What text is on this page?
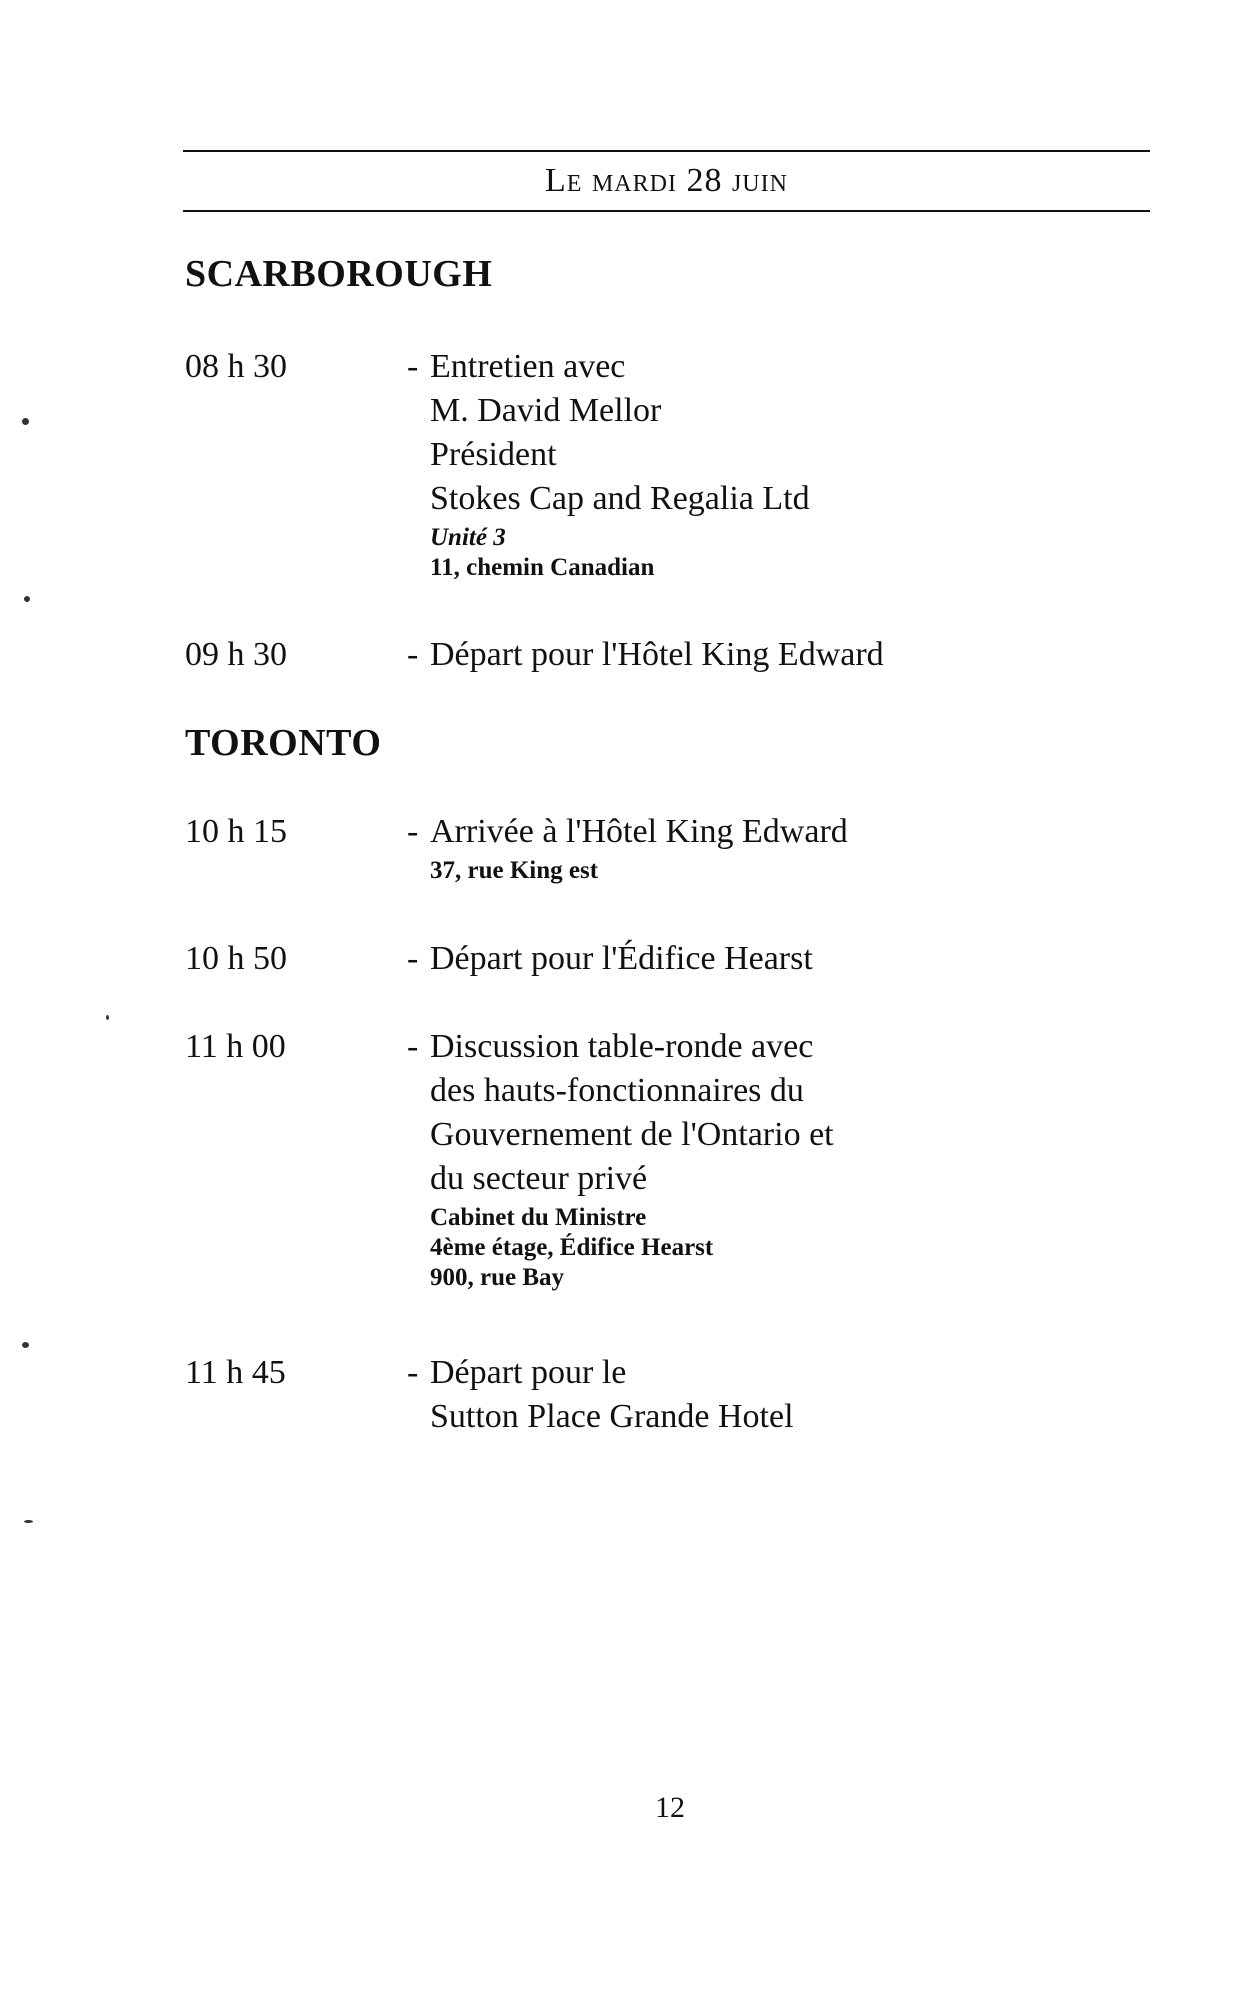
Le mardi 28 juin
SCARBOROUGH
08 h 30	- Entretien avec
M. David Mellor
Président
Stokes Cap and Regalia Ltd
Unité 3
11, chemin Canadian
09 h 30	- Départ pour l'Hôtel King Edward
TORONTO
10 h 15	- Arrivée à l'Hôtel King Edward
37, rue King est
10 h 50	- Départ pour l'Édifice Hearst
11 h 00	- Discussion table-ronde avec
des hauts-fonctionnaires du
Gouvernement de l'Ontario et
du secteur privé
Cabinet du Ministre
4ème étage, Édifice Hearst
900, rue Bay
11 h 45	- Départ pour le
Sutton Place Grande Hotel
12
